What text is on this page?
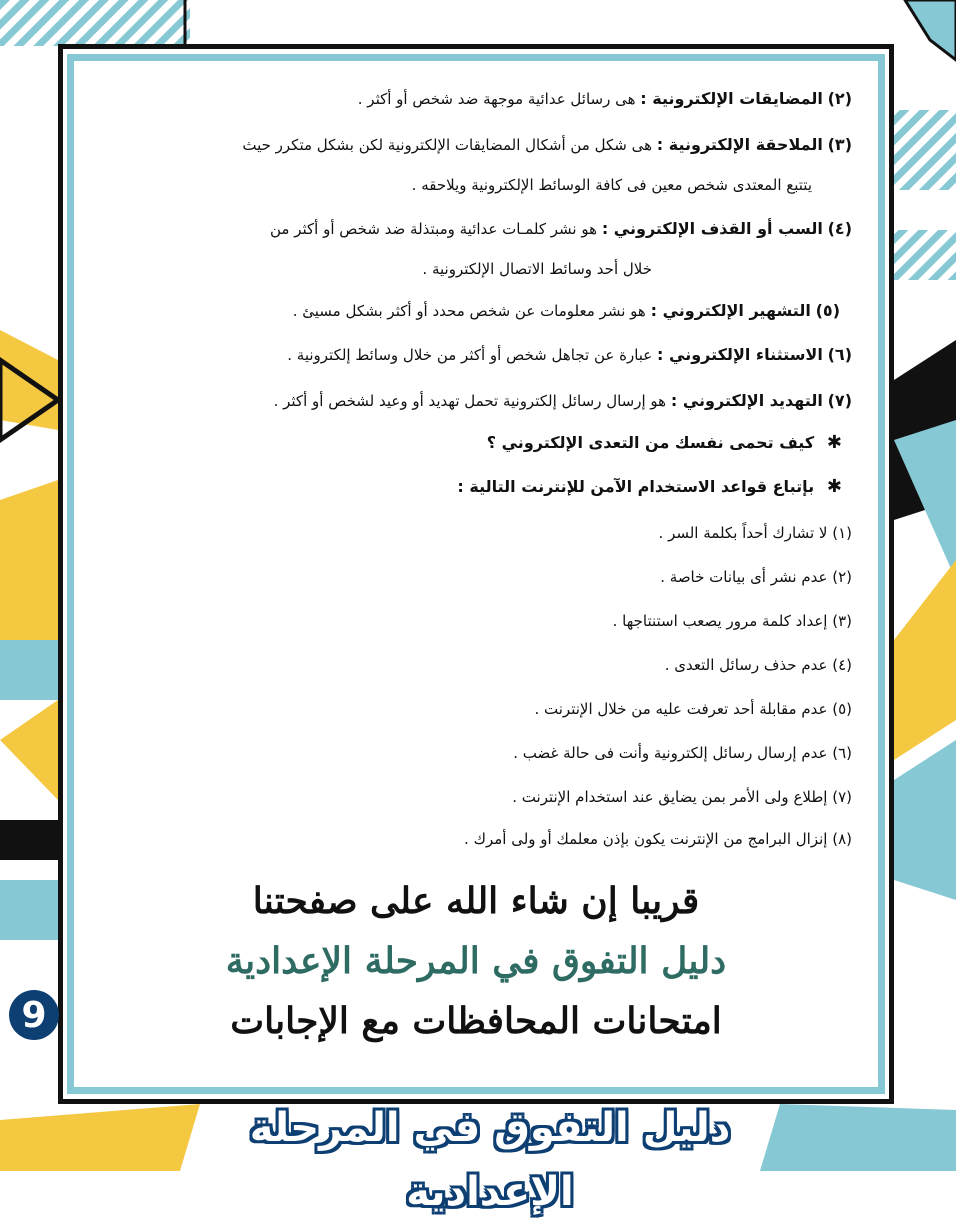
(٢) المضايقات الإلكترونية : هى رسائل عدائية موجهة ضد شخص أو أكثر .
(٣) الملاحقة الإلكترونية : هى شكل من أشكال المضايقات الإلكترونية لكن بشكل متكرر حيث
يتتبع المعتدى شخص معين فى كافة الوسائط الإلكترونية ويلاحقه .
(٤) السب أو القذف الإلكتروني : هو نشر كلمـات عدائية ومبتذلة ضد شخص أو أكثر من
خلال أحد وسائط الاتصال الإلكترونية .
(٥) التشهير الإلكتروني : هو نشر معلومات عن شخص محدد أو أكثر بشكل مسيئ .
(٦) الاستثناء الإلكتروني : عبارة عن تجاهل شخص أو أكثر من خلال وسائط إلكترونية .
(٧) التهديد الإلكتروني : هو إرسال رسائل إلكترونية تحمل تهديد أو وعيد لشخص أو أكثر .
✱ كيف تحمى نفسك من التعدى الإلكتروني ؟
✱ بإتباع قواعد الاستخدام الآمن للإنترنت التالية :
(١) لا تشارك أحداً بكلمة السر .
(٢) عدم نشر أى بيانات خاصة .
(٣) إعداد كلمة مرور يصعب استنتاجها .
(٤) عدم حذف رسائل التعدى .
(٥) عدم مقابلة أحد تعرفت عليه من خلال الإنترنت .
(٦) عدم إرسال رسائل إلكترونية وأنت فى حالة غضب .
(٧) إطلاع ولى الأمر بمن يضايق عند استخدام الإنترنت .
(٨) إنزال البرامج من الإنترنت يكون بإذن معلمك أو ولى أمرك .
قريبا إن شاء الله على صفحتنا
دليل التفوق في المرحلة الإعدادية
امتحانات المحافظات مع الإجابات
9
دليل التفوق في المرحلة الإعدادية
